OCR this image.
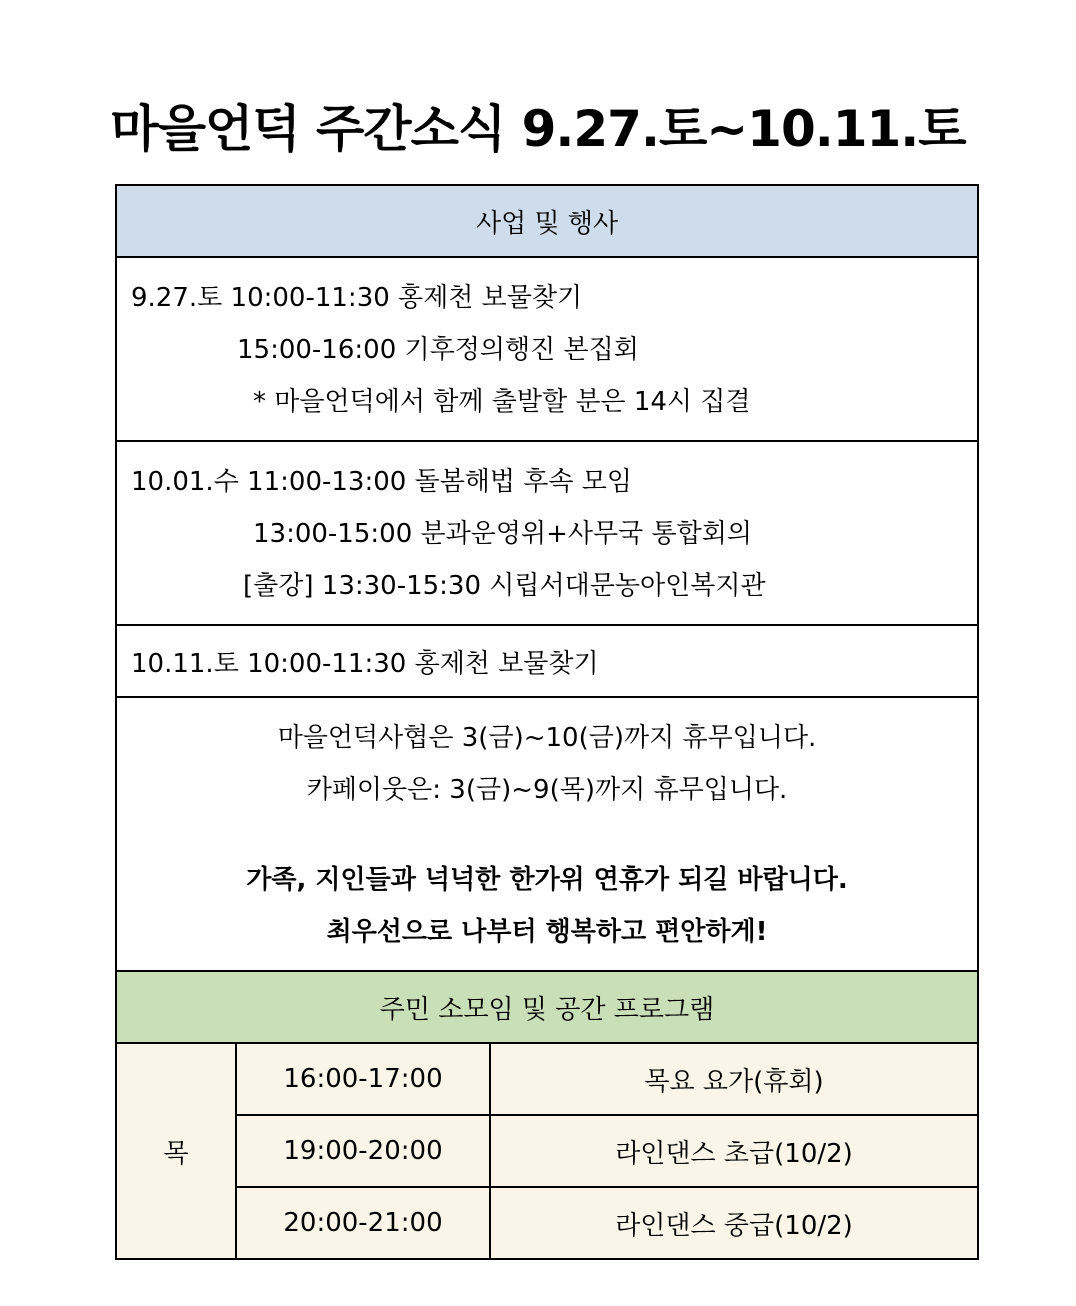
마을언덕 주간소식 9.27.토~10.11.토
사업 및 행사		

9.27.토 10:00-11:30 홍제천 보물찾기
15:00-16:00 기후정의행진 본집회
* 마을언덕에서 함께 출발할 분은 14시 집결		

10.01.수 11:00-13:00 돌봄해법 후속 모임
13:00-15:00 분과운영위+사무국 통합회의
[출강] 13:30-15:30 시립서대문농아인복지관		

10.11.토 10:00-11:30 홍제천 보물찾기		

마을언덕사협은 3(금)~10(금)까지 휴무입니다.
카페이웃은: 3(금)~9(목)까지 휴무입니다.
가족, 지인들과 넉넉한 한가위 연휴가 되길 바랍니다.
최우선으로 나부터 행복하고 편안하게!		

주민 소모임 및 공간 프로그램		
목	16:00-17:00	목요 요가(휴회)
	19:00-20:00	라인댄스 초급(10/2)
	20:00-21:00	라인댄스 중급(10/2)
